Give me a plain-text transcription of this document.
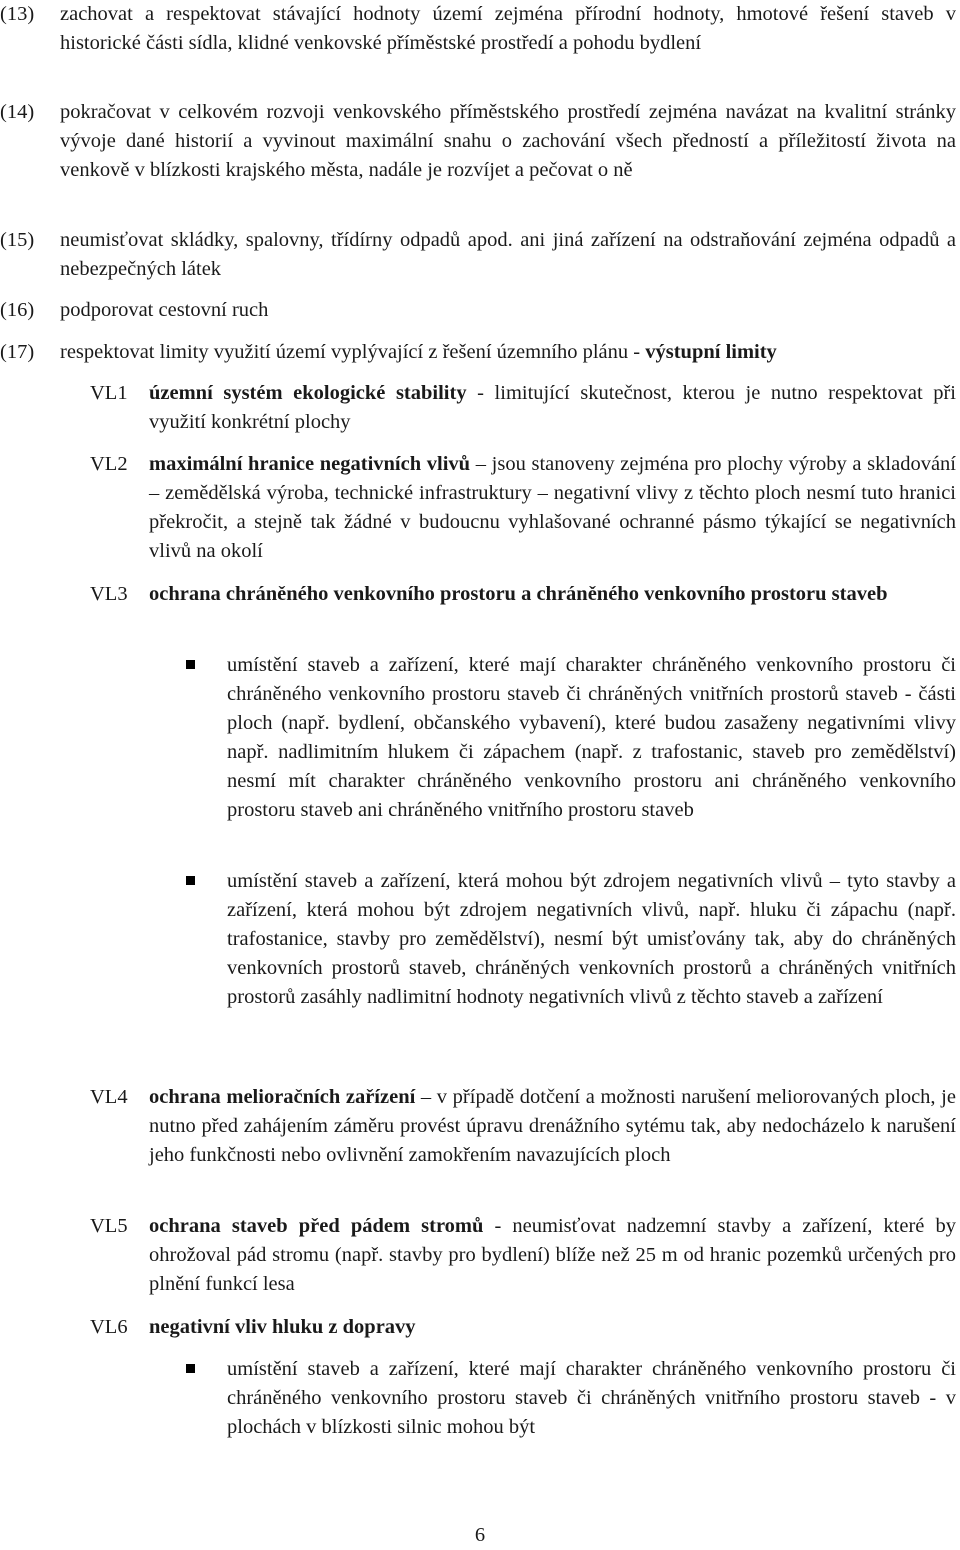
(13)	zachovat a respektovat stávající hodnoty území zejména přírodní hodnoty, hmotové řešení staveb v historické části sídla, klidné venkovské příměstské prostředí a pohodu bydlení
(14)	pokračovat v celkovém rozvoji venkovského příměstského prostředí zejména navázat na kvalitní stránky vývoje dané historií a vyvinout maximální snahu o zachování všech předností a příležitostí života na venkově v blízkosti krajského města, nadále je rozvíjet a pečovat o ně
(15)	neumisťovat skládky, spalovny, třídírny odpadů apod. ani jiná zařízení na odstraňování zejména odpadů a nebezpečných látek
(16)	podporovat cestovní ruch
(17)	respektovat limity využití území vyplývající z řešení územního plánu - výstupní limity
VL1	územní systém ekologické stability - limitující skutečnost, kterou je nutno respektovat při využití konkrétní plochy
VL2	maximální hranice negativních vlivů – jsou stanoveny zejména pro plochy výroby a skladování – zemědělská výroba, technické infrastruktury – negativní vlivy z těchto ploch nesmí tuto hranici překročit, a stejně tak žádné v budoucnu vyhlašované ochranné pásmo týkající se negativních vlivů na okolí
VL3	ochrana chráněného venkovního prostoru a chráněného venkovního prostoru staveb
umístění staveb a zařízení, které mají charakter chráněného venkovního prostoru či chráněného venkovního prostoru staveb či chráněných vnitřních prostorů staveb - části ploch (např. bydlení, občanského vybavení), které budou zasaženy negativními vlivy např. nadlimitním hlukem či zápachem (např. z trafostanic, staveb pro zemědělství) nesmí mít charakter chráněného venkovního prostoru ani chráněného venkovního prostoru staveb ani chráněného vnitřního prostoru staveb
umístění staveb a zařízení, která mohou být zdrojem negativních vlivů – tyto stavby a zařízení, která mohou být zdrojem negativních vlivů, např. hluku či zápachu (např. trafostanice, stavby pro zemědělství), nesmí být umisťovány tak, aby do chráněných venkovních prostorů staveb, chráněných venkovních prostorů a chráněných vnitřních prostorů zasáhly nadlimitní hodnoty negativních vlivů z těchto staveb a zařízení
VL4	ochrana melioračních zařízení – v případě dotčení a možnosti narušení meliorovaných ploch, je nutno před zahájením záměru provést úpravu drenážního sytému tak, aby nedocházelo k narušení jeho funkčnosti nebo ovlivnění zamokřením navazujících ploch
VL5	ochrana staveb před pádem stromů - neumisťovat nadzemní stavby a zařízení, které by ohrožoval pád stromu (např. stavby pro bydlení) blíže než 25 m od hranic pozemků určených pro plnění funkcí lesa
VL6	negativní vliv hluku z dopravy
umístění staveb a zařízení, které mají charakter chráněného venkovního prostoru či chráněného venkovního prostoru staveb či chráněných vnitřního prostoru staveb - v plochách v blízkosti silnic mohou být
6
